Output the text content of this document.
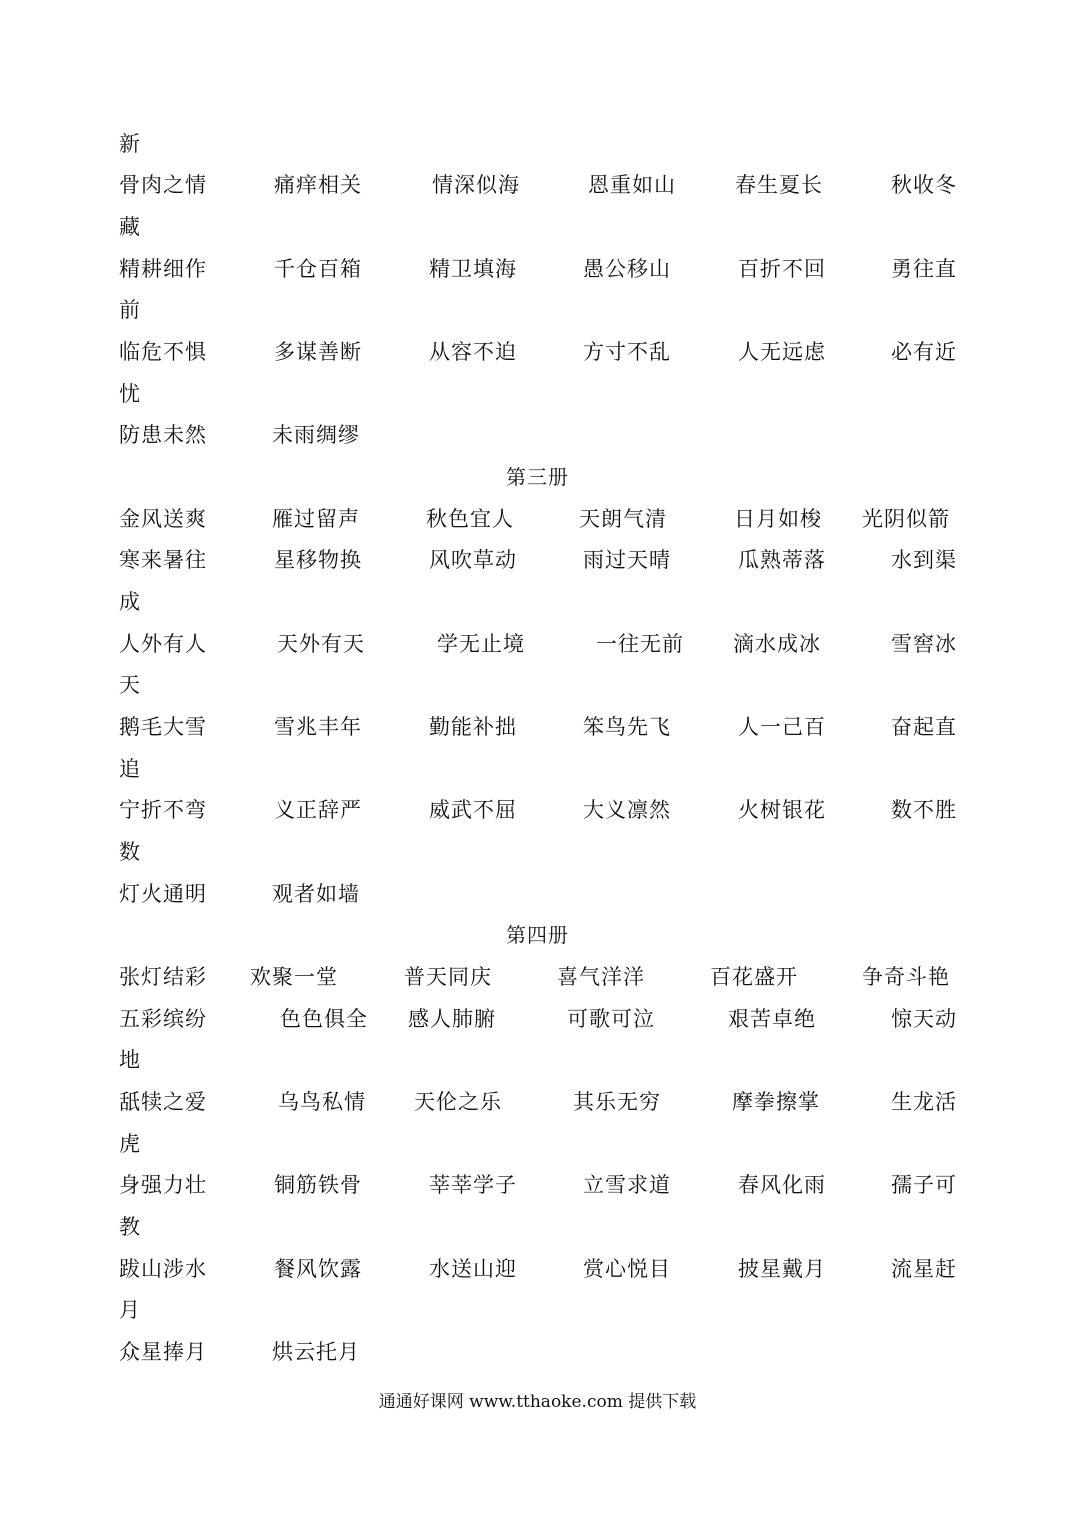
新
骨肉之情	痛痒相关	情深似海	恩重如山	春生夏长	秋收冬
藏
精耕细作	千仓百箱	精卫填海	愚公移山	百折不回	勇往直
前
临危不惧	多谋善断	从容不迫	方寸不乱	人无远虑	必有近
忧
防患未然	未雨绸缪
第三册
金风送爽	雁过留声	秋色宜人	天朗气清	日月如梭 光阴似箭
寒来暑往	星移物换	风吹草动	雨过天晴	瓜熟蒂落	水到渠
成
人外有人	天外有天	学无止境	一往无前 滴水成冰	雪窖冰
天
鹅毛大雪	雪兆丰年	勤能补拙	笨鸟先飞	人一己百	奋起直
追
宁折不弯	义正辞严	威武不屈	大义凛然	火树银花	数不胜
数
灯火通明	观者如墙
第四册
张灯结彩 欢聚一堂	普天同庆	喜气洋洋	百花盛开	争奇斗艳
五彩缤纷	色色俱全 感人肺腑	可歌可泣	艰苦卓绝	惊天动
地
舐犊之爱	乌鸟私情 天伦之乐	其乐无穷	摩拳擦掌	生龙活
虎
身强力壮	铜筋铁骨	莘莘学子	立雪求道	春风化雨	孺子可
教
跋山涉水	餐风饮露	水送山迎	赏心悦目	披星戴月	流星赶
月
众星捧月	烘云托月
通通好课网 www.tthaoke.com 提供下载
